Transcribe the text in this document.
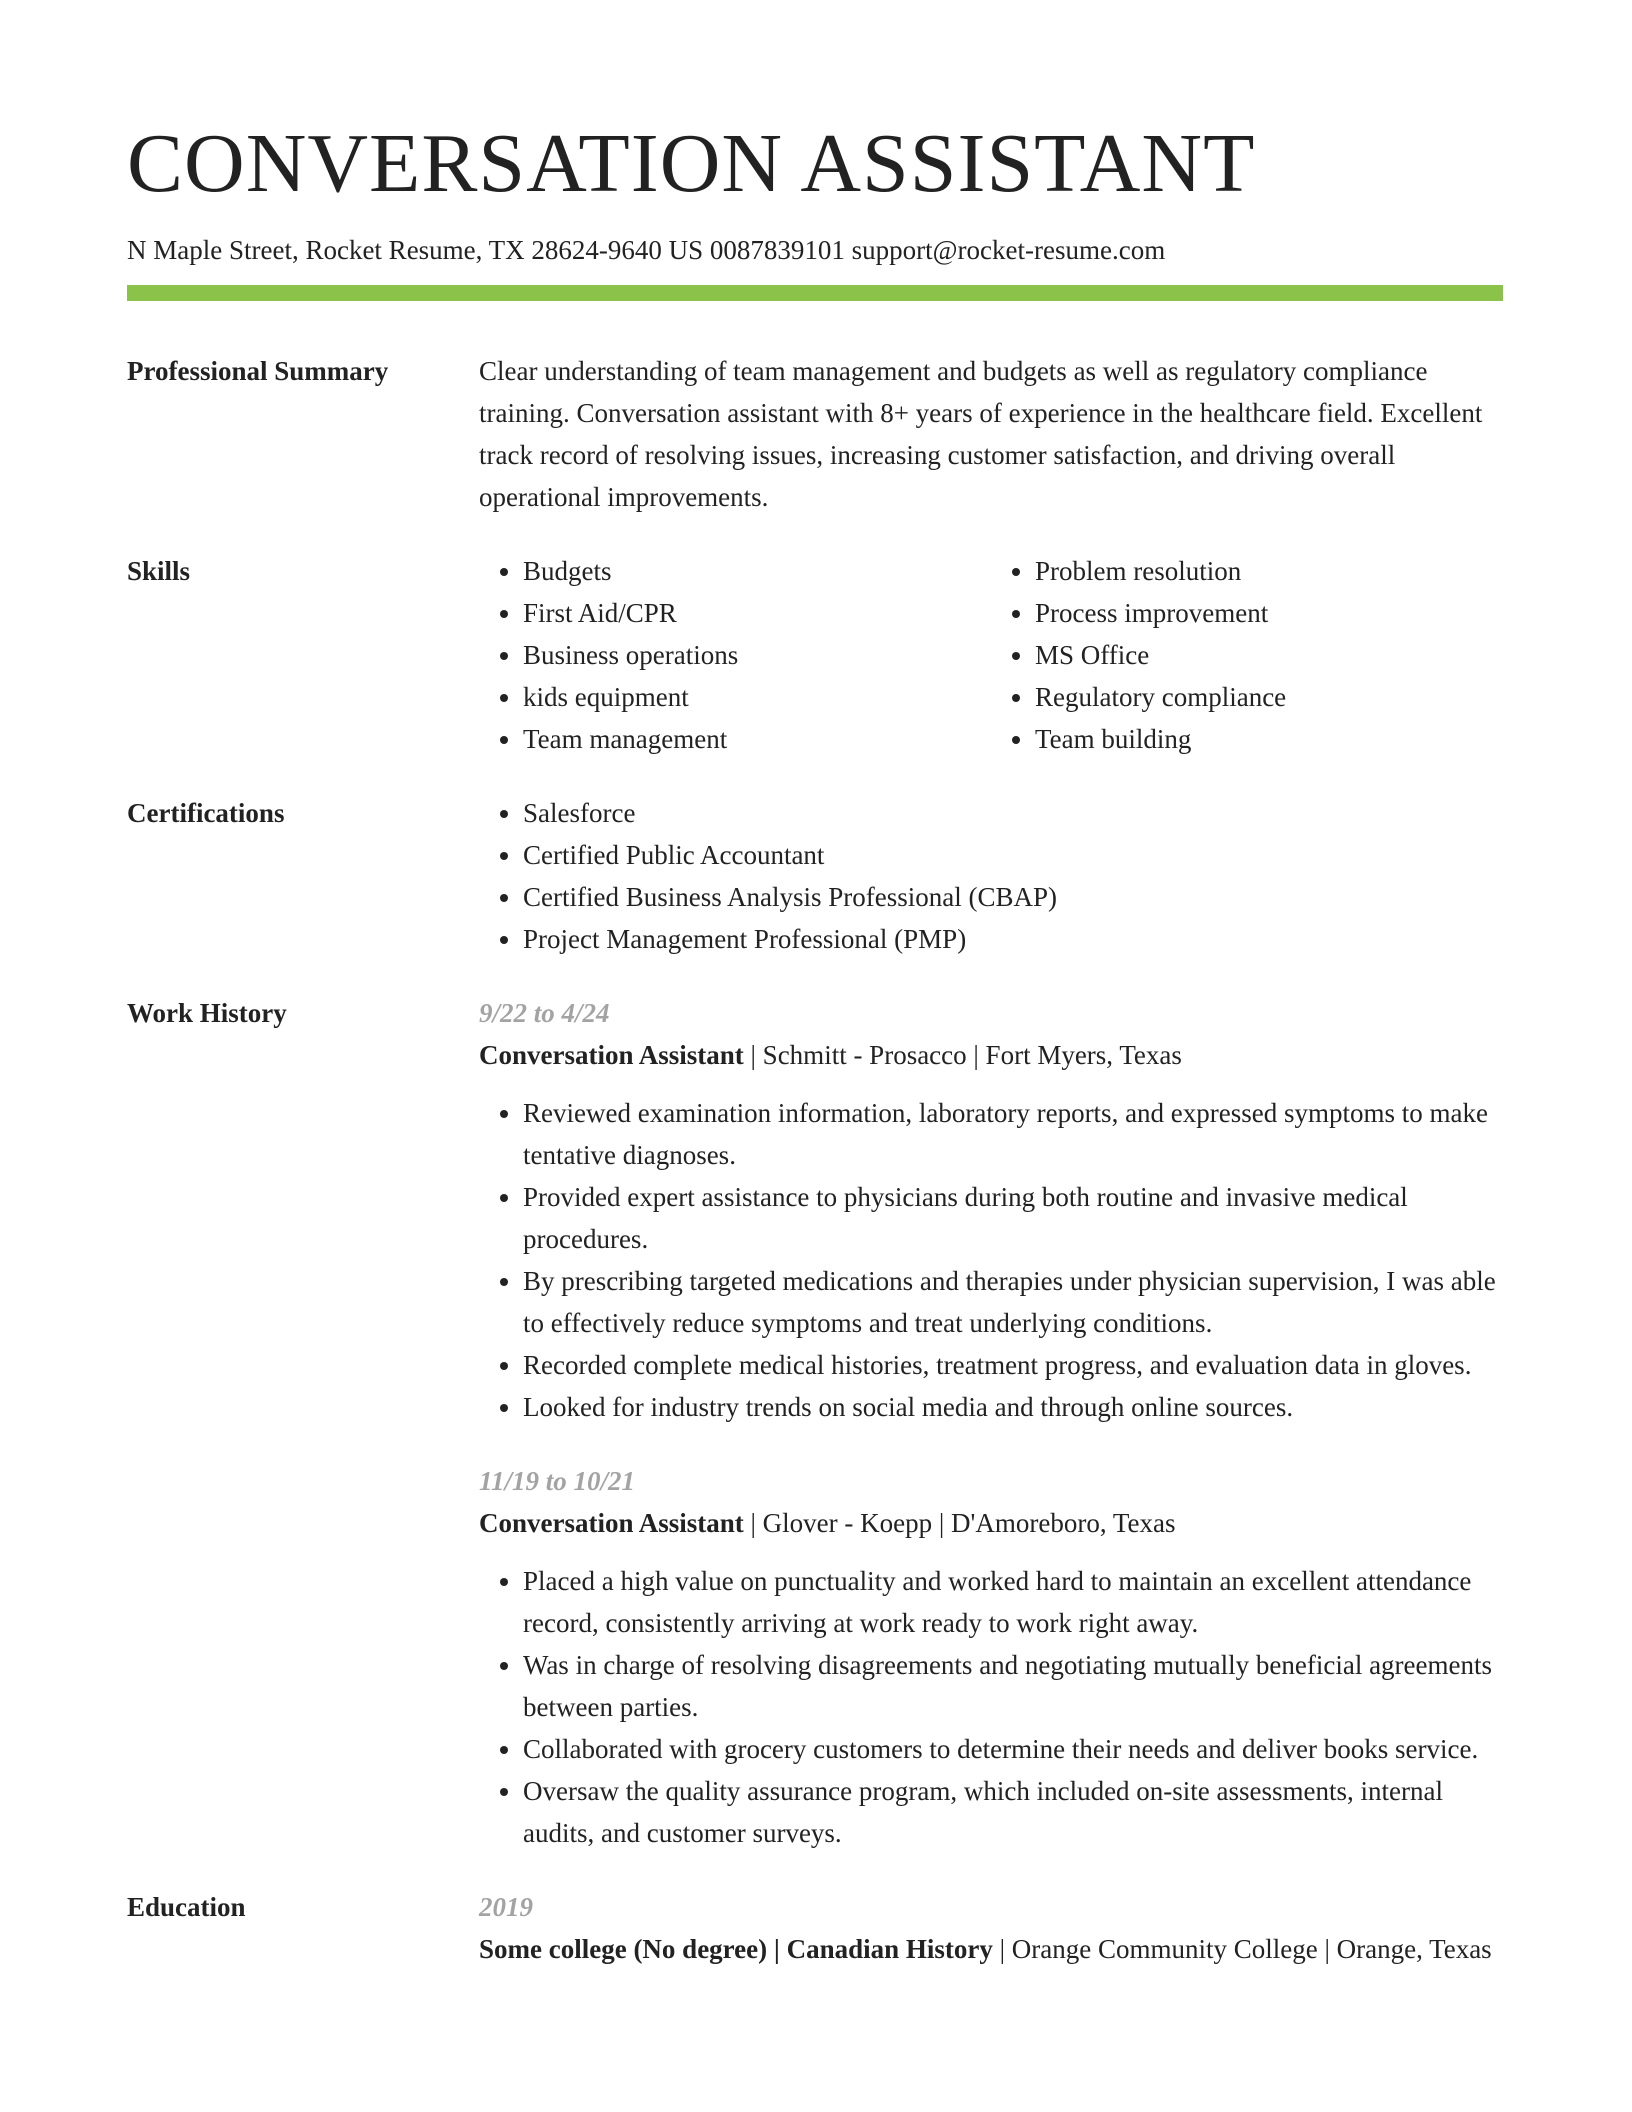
CONVERSATION ASSISTANT
N Maple Street, Rocket Resume, TX 28624-9640 US 0087839101 support@rocket-resume.com
Professional Summary	Clear understanding of team management and budgets as well as regulatory compliance training. Conversation assistant with 8+ years of experience in the healthcare field. Excellent track record of resolving issues, increasing customer satisfaction, and driving overall operational improvements.

Skills	• Budgets
• First Aid/CPR
• Business operations
• kids equipment
• Team management
• Problem resolution
• Process improvement
• MS Office
• Regulatory compliance
• Team building
Certifications	• Salesforce
• Certified Public Accountant
• Certified Business Analysis Professional (CBAP)
• Project Management Professional (PMP)
Work History	9/22 to 4/24
Conversation Assistant | Schmitt - Prosacco | Fort Myers, Texas
• Reviewed examination information, laboratory reports, and expressed symptoms to make tentative diagnoses.
• Provided expert assistance to physicians during both routine and invasive medical procedures.
• By prescribing targeted medications and therapies under physician supervision, I was able to effectively reduce symptoms and treat underlying conditions.
• Recorded complete medical histories, treatment progress, and evaluation data in gloves.
• Looked for industry trends on social media and through online sources.
11/19 to 10/21
Conversation Assistant | Glover - Koepp | D'Amoreboro, Texas
• Placed a high value on punctuality and worked hard to maintain an excellent attendance record, consistently arriving at work ready to work right away.
• Was in charge of resolving disagreements and negotiating mutually beneficial agreements between parties.
• Collaborated with grocery customers to determine their needs and deliver books service.
• Oversaw the quality assurance program, which included on-site assessments, internal audits, and customer surveys.
Education	2019
Some college (No degree) | Canadian History | Orange Community College | Orange, Texas
